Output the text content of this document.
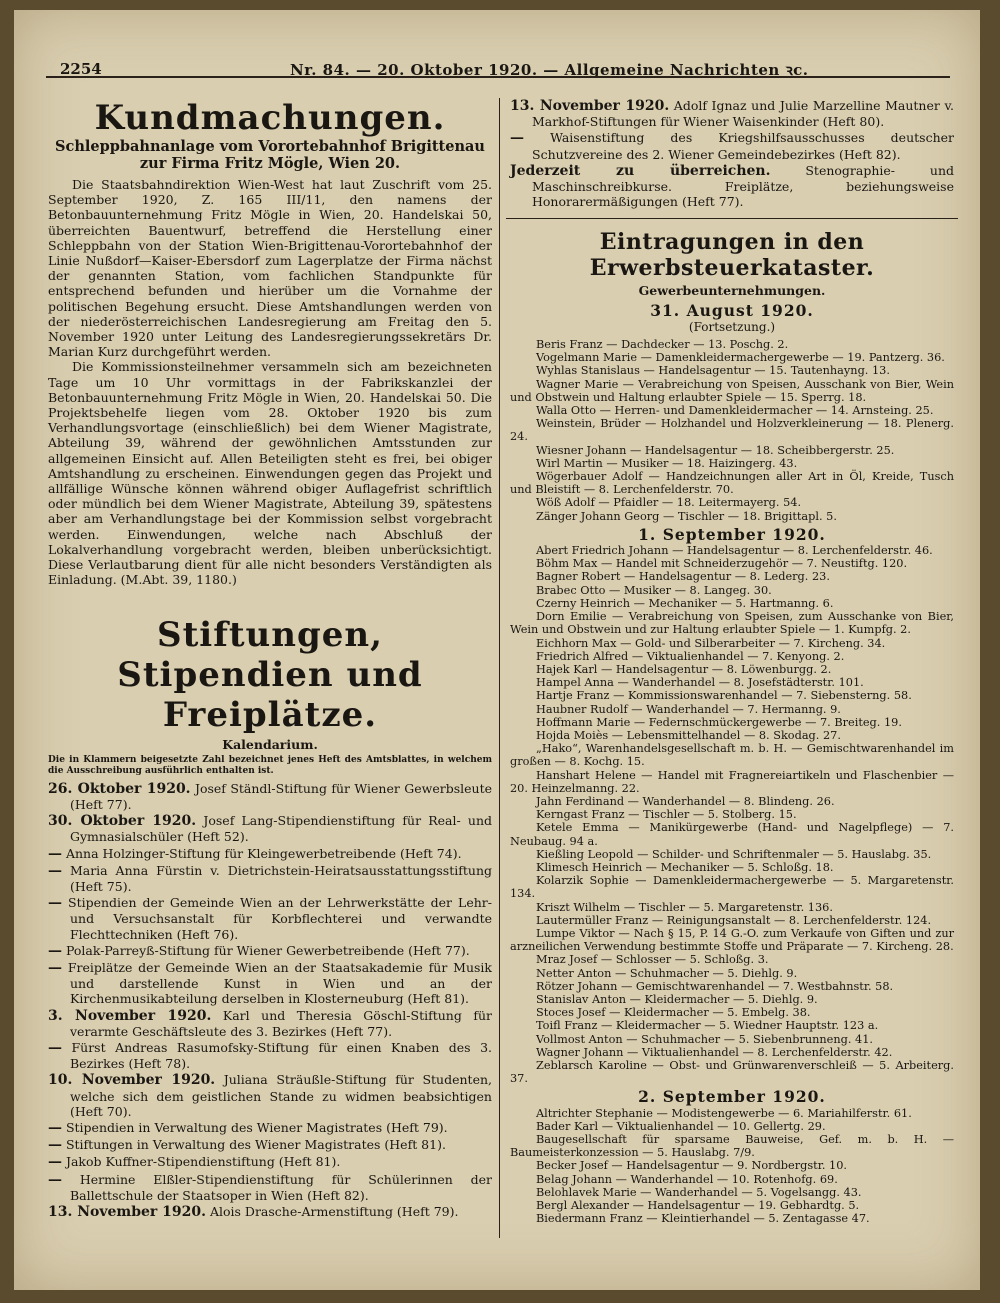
2254	Nr. 84. — 20. Oktober 1920. — Allgemeine Nachrichten ꝛc.
Kundmachungen.
Schleppbahnanlage vom Vorortebahnhof Brigittenau zur Firma Fritz Mögle, Wien 20.

Die Staatsbahndirektion Wien-West hat laut Zuschrift vom 25. September 1920, Z. 165 III/11, den namens der Betonbauunternehmung Fritz Mögle in Wien, 20. Handelskai 50, überreichten Bauentwurf, betreffend die Herstellung einer Schleppbahn von der Station Wien-Brigittenau-Vorortebahnhof der Linie Nußdorf—Kaiser-Ebersdorf zum Lagerplatze der Firma nächst der genannten Station, vom fachlichen Standpunkte für entsprechend befunden und hierüber um die Vornahme der politischen Begehung ersucht. Diese Amtshandlungen werden von der niederösterreichischen Landesregierung am Freitag den 5. November 1920 unter Leitung des Landesregierungssekretärs Dr. Marian Kurz durchgeführt werden.

Die Kommissionsteilnehmer versammeln sich am bezeichneten Tage um 10 Uhr vormittags in der Fabrikskanzlei der Betonbauunternehmung Fritz Mögle in Wien, 20. Handelskai 50. Die Projektsbehelfe liegen vom 28. Oktober 1920 bis zum Verhandlungsvortage (einschließlich) bei dem Wiener Magistrate, Abteilung 39, während der gewöhnlichen Amtsstunden zur allgemeinen Einsicht auf. Allen Beteiligten steht es frei, bei obiger Amtshandlung zu erscheinen. Einwendungen gegen das Projekt und allfällige Wünsche können während obiger Auflagefrist schriftlich oder mündlich bei dem Wiener Magistrate, Abteilung 39, spätestens aber am Verhandlungstage bei der Kommission selbst vorgebracht werden. Einwendungen, welche nach Abschluß der Lokalverhandlung vorgebracht werden, bleiben unberücksichtigt. Diese Verlautbarung dient für alle nicht besonders Verständigten als Einladung. (M.Abt. 39, 1180.)

Stiftungen, Stipendien und
Freiplätze.
Kalendarium.
Die in Klammern beigesetzte Zahl bezeichnet jenes Heft des Amtsblattes, in welchem die Ausschreibung ausführlich enthalten ist.

26. Oktober 1920. Josef Ständl-Stiftung für Wiener Gewerbsleute (Heft 77).

30. Oktober 1920. Josef Lang-Stipendienstiftung für Real- und Gymnasialschüler (Heft 52).

— Anna Holzinger-Stiftung für Kleingewerbetreibende (Heft 74).

— Maria Anna Fürstin v. Dietrichstein-Heiratsausstattungsstiftung (Heft 75).

— Stipendien der Gemeinde Wien an der Lehrwerkstätte der Lehr- und Versuchsanstalt für Korbflechterei und verwandte Flechttechniken (Heft 76).

— Polak-Parreyß-Stiftung für Wiener Gewerbetreibende (Heft 77).

— Freiplätze der Gemeinde Wien an der Staatsakademie für Musik und darstellende Kunst in Wien und an der Kirchenmusikabteilung derselben in Klosterneuburg (Heft 81).

3. November 1920. Karl und Theresia Göschl-Stiftung für verarmte Geschäftsleute des 3. Bezirkes (Heft 77).

— Fürst Andreas Rasumofsky-Stiftung für einen Knaben des 3. Bezirkes (Heft 78).

10. November 1920. Juliana Sträußle-Stiftung für Studenten, welche sich dem geistlichen Stande zu widmen beabsichtigen (Heft 70).

— Stipendien in Verwaltung des Wiener Magistrates (Heft 79).

— Stiftungen in Verwaltung des Wiener Magistrates (Heft 81).

— Jakob Kuffner-Stipendienstiftung (Heft 81).

— Hermine Elßler-Stipendienstiftung für Schülerinnen der Ballettschule der Staatsoper in Wien (Heft 82).

13. November 1920. Alois Drasche-Armenstiftung (Heft 79).

13. November 1920. Adolf Ignaz und Julie Marzelline Mautner v. Markhof-Stiftungen für Wiener Waisenkinder (Heft 80).

— Waisenstiftung des Kriegshilfsausschusses deutscher Schutzvereine des 2. Wiener Gemeindebezirkes (Heft 82).

Jederzeit zu überreichen. Stenographie- und Maschinschreibkurse. Freiplätze, beziehungsweise Honorarermäßigungen (Heft 77).

Eintragungen in den Erwerbsteuerkataster.
Gewerbeunternehmungen.
31. August 1920.
(Fortsetzung.)

Beris Franz — Dachdecker — 13. Poschg. 2.

Vogelmann Marie — Damenkleidermachergewerbe — 19. Pantzerg. 36.

Wyhlas Stanislaus — Handelsagentur — 15. Tautenhayng. 13.

Wagner Marie — Verabreichung von Speisen, Ausschank von Bier, Wein und Obstwein und Haltung erlaubter Spiele — 15. Sperrg. 18.

Walla Otto — Herren- und Damenkleidermacher — 14. Arnsteing. 25.

Weinstein, Brüder — Holzhandel und Holzverkleinerung — 18. Plenerg. 24.

Wiesner Johann — Handelsagentur — 18. Scheibbergerstr. 25.

Wirl Martin — Musiker — 18. Haizingerg. 43.

Wögerbauer Adolf — Handzeichnungen aller Art in Öl, Kreide, Tusch und Bleistift — 8. Lerchenfelderstr. 70.

Wöß Adolf — Pfaidler — 18. Leitermayerg. 54.

Zänger Johann Georg — Tischler — 18. Brigittapl. 5.

1. September 1920.

Abert Friedrich Johann — Handelsagentur — 8. Lerchenfelderstr. 46.

Böhm Max — Handel mit Schneiderzugehör — 7. Neustiftg. 120.

Bagner Robert — Handelsagentur — 8. Lederg. 23.

Brabec Otto — Musiker — 8. Langeg. 30.

Czerny Heinrich — Mechaniker — 5. Hartmanng. 6.

Dorn Emilie — Verabreichung von Speisen, zum Ausschanke von Bier, Wein und Obstwein und zur Haltung erlaubter Spiele — 1. Kumpfg. 2.

Eichhorn Max — Gold- und Silberarbeiter — 7. Kircheng. 34.

Friedrich Alfred — Viktualienhandel — 7. Kenyong. 2.

Hajek Karl — Handelsagentur — 8. Löwenburgg. 2.

Hampel Anna — Wanderhandel — 8. Josefstädterstr. 101.

Hartje Franz — Kommissionswarenhandel — 7. Siebensterng. 58.

Haubner Rudolf — Wanderhandel — 7. Hermanng. 9.

Hoffmann Marie — Federnschmückergewerbe — 7. Breiteg. 19.

Hojda Moiès — Lebensmittelhandel — 8. Skodag. 27.

„Hako“, Warenhandelsgesellschaft m. b. H. — Gemischtwarenhandel im großen — 8. Kochg. 15.

Hanshart Helene — Handel mit Fragnereiartikeln und Flaschenbier — 20. Heinzelmanng. 22.

Jahn Ferdinand — Wanderhandel — 8. Blindeng. 26.

Kerngast Franz — Tischler — 5. Stolberg. 15.

Ketele Emma — Manikürgewerbe (Hand- und Nagelpflege) — 7. Neubaug. 94 a.

Kießling Leopold — Schilder- und Schriftenmaler — 5. Hauslabg. 35.

Klimesch Heinrich — Mechaniker — 5. Schloßg. 18.

Kolarzik Sophie — Damenkleidermachergewerbe — 5. Margaretenstr. 134.

Kriszt Wilhelm — Tischler — 5. Margaretenstr. 136.

Lautermüller Franz — Reinigungsanstalt — 8. Lerchenfelderstr. 124.

Lumpe Viktor — Nach § 15, P. 14 G.-O. zum Verkaufe von Giften und zur arzneilichen Verwendung bestimmte Stoffe und Präparate — 7. Kircheng. 28.

Mraz Josef — Schlosser — 5. Schloßg. 3.

Netter Anton — Schuhmacher — 5. Diehlg. 9.

Rötzer Johann — Gemischtwarenhandel — 7. Westbahnstr. 58.

Stanislav Anton — Kleidermacher — 5. Diehlg. 9.

Stoces Josef — Kleidermacher — 5. Embelg. 38.

Toifl Franz — Kleidermacher — 5. Wiedner Hauptstr. 123 a.

Vollmost Anton — Schuhmacher — 5. Siebenbrunneng. 41.

Wagner Johann — Viktualienhandel — 8. Lerchenfelderstr. 42.

Zeblarsch Karoline — Obst- und Grünwarenverschleiß — 5. Arbeiterg. 37.

2. September 1920.

Altrichter Stephanie — Modistengewerbe — 6. Mariahilferstr. 61.

Bader Karl — Viktualienhandel — 10. Gellertg. 29.

Baugesellschaft für sparsame Bauweise, Gef. m. b. H. — Baumeisterkonzession — 5. Hauslabg. 7/9.

Becker Josef — Handelsagentur — 9. Nordbergstr. 10.

Belag Johann — Wanderhandel — 10. Rotenhofg. 69.

Belohlavek Marie — Wanderhandel — 5. Vogelsangg. 43.

Bergl Alexander — Handelsagentur — 19. Gebhardtg. 5.

Biedermann Franz — Kleintierhandel — 5. Zentagasse 47.
